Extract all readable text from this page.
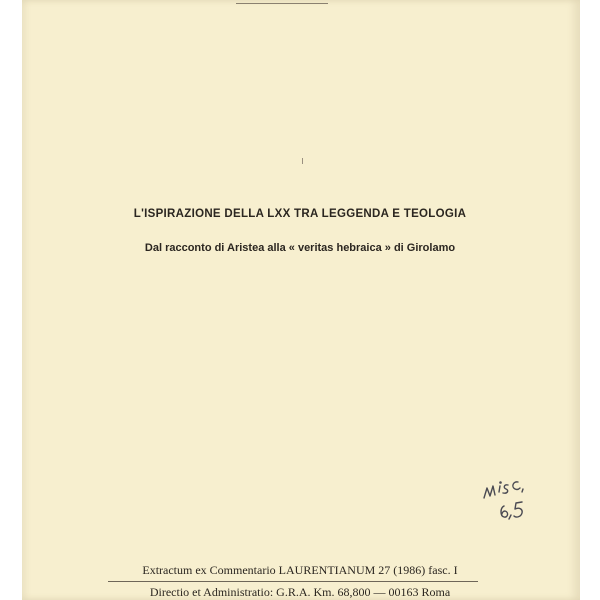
L'ISPIRAZIONE DELLA LXX TRA LEGGENDA E TEOLOGIA
Dal racconto di Aristea alla « veritas hebraica » di Girolamo
Extractum ex Commentario LAURENTIANUM 27 (1986) fasc. I
Directio et Administratio: G.R.A. Km. 68,800 — 00163 Roma
